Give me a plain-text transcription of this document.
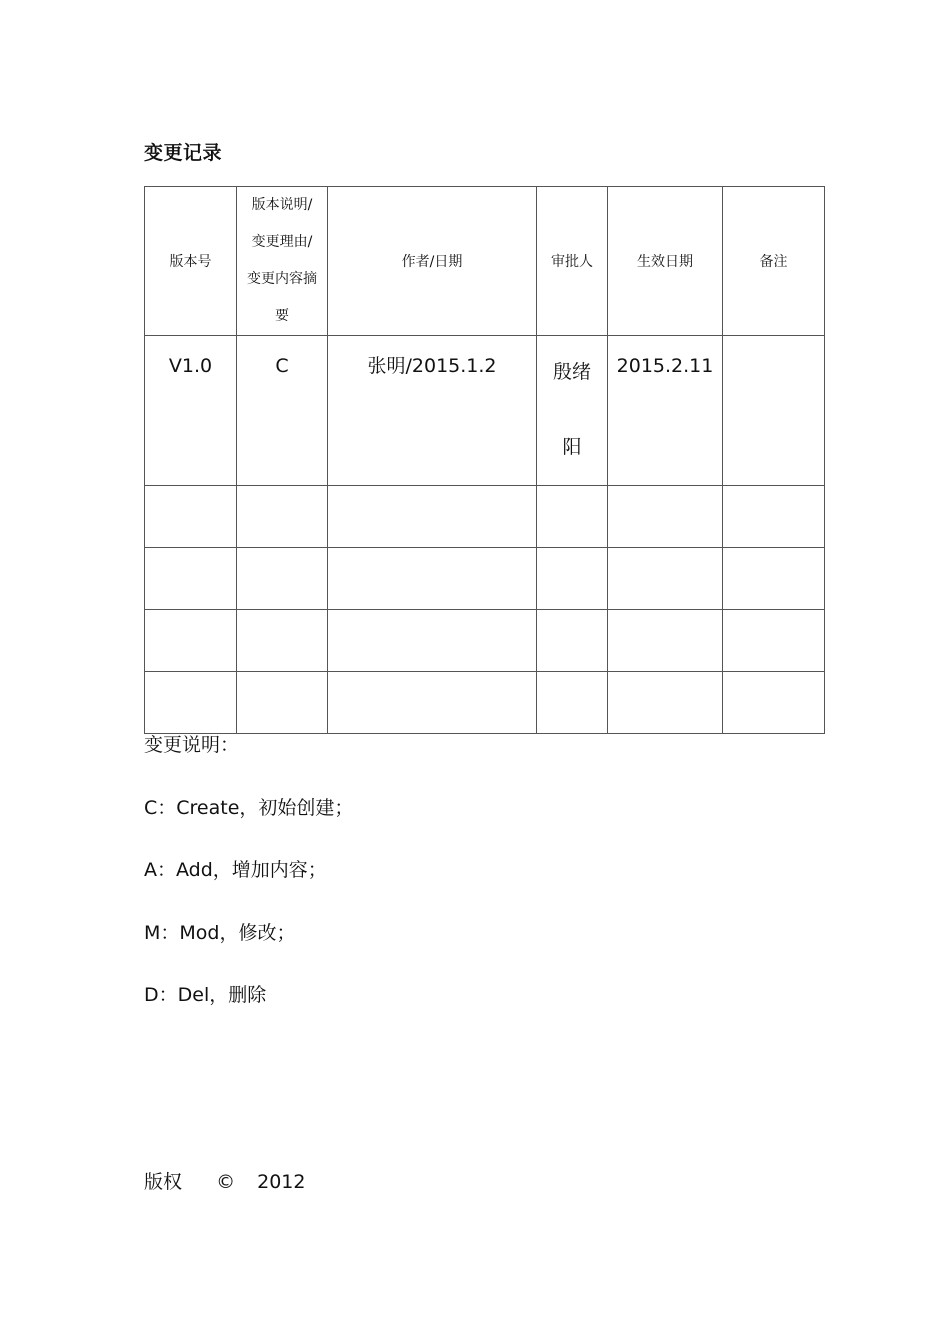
变更记录
版本号	版本说明/
变更理由/
变更内容摘
要	作者/日期	审批人	生效日期	备注

V1.0	C	张明/2015.1.2	殷绪阳	2015.2.11	

变更说明：

C：Create，初始创建；

A：Add，增加内容；

M：Mod，修改；

D：Del，删除

版权 © 2012
